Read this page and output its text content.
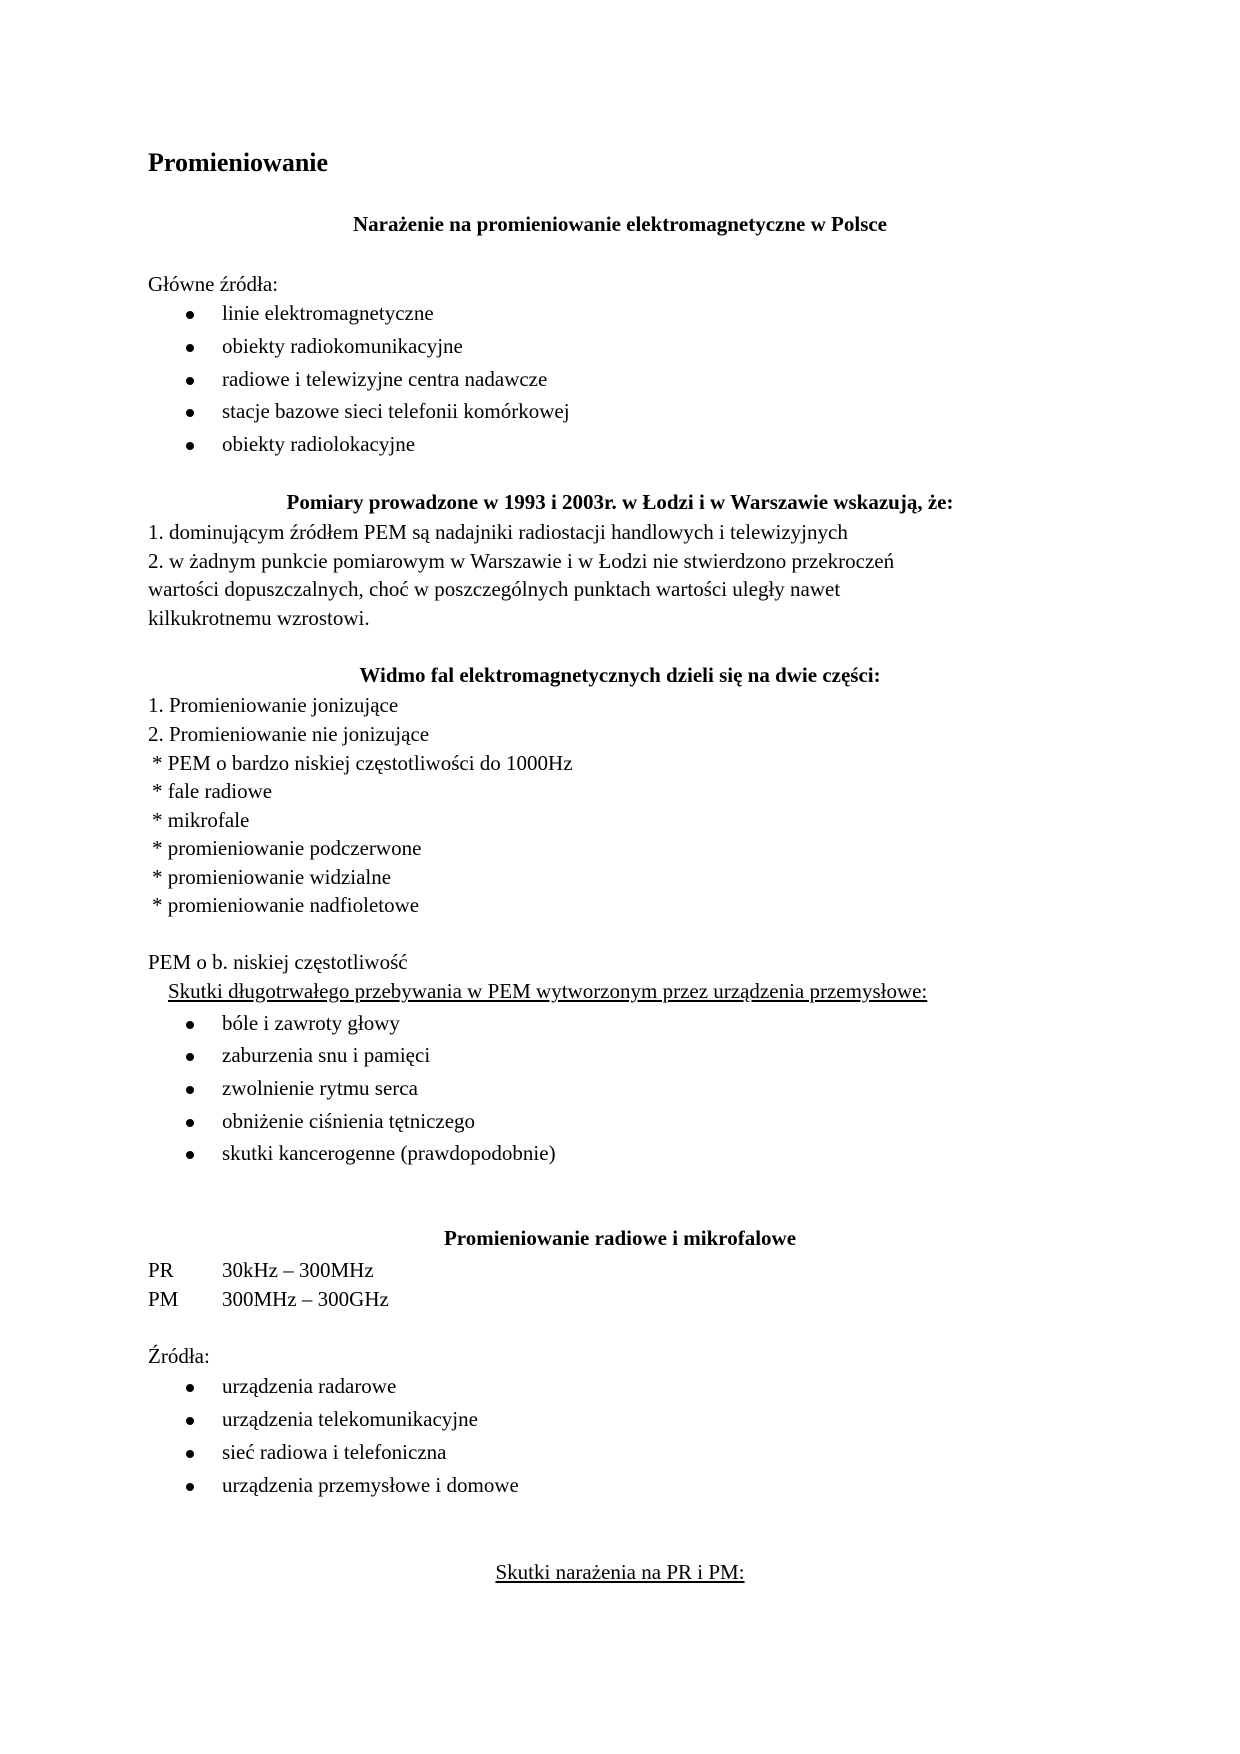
Promieniowanie
Narażenie na promieniowanie elektromagnetyczne w Polsce
Główne źródła:
linie elektromagnetyczne
obiekty radiokomunikacyjne
radiowe i telewizyjne centra nadawcze
stacje bazowe sieci telefonii komórkowej
obiekty radiolokacyjne
Pomiary prowadzone w 1993 i 2003r. w Łodzi i w Warszawie wskazują, że:
1. dominującym źródłem PEM są nadajniki radiostacji handlowych i telewizyjnych
2. w żadnym punkcie pomiarowym w Warszawie i w Łodzi nie stwierdzono przekroczeń
wartości dopuszczalnych, choć w poszczególnych punktach wartości uległy nawet
kilkukrotnemu wzrostowi.
Widmo fal elektromagnetycznych dzieli się na dwie części:
1. Promieniowanie jonizujące
2. Promieniowanie nie jonizujące
* PEM o bardzo niskiej częstotliwości do 1000Hz
* fale radiowe
* mikrofale
* promieniowanie podczerwone
* promieniowanie widzialne
* promieniowanie nadfioletowe
PEM o b. niskiej częstotliwość
Skutki długotrwałego przebywania w PEM wytworzonym przez urządzenia przemysłowe:
bóle i zawroty głowy
zaburzenia snu i pamięci
zwolnienie rytmu serca
obniżenie ciśnienia tętniczego
skutki kancerogenne (prawdopodobnie)
Promieniowanie radiowe i mikrofalowe
PR 30kHz – 300MHz
PM 300MHz – 300GHz
Źródła:
urządzenia radarowe
urządzenia telekomunikacyjne
sieć radiowa i telefoniczna
urządzenia przemysłowe i domowe
Skutki narażenia na PR i PM:
